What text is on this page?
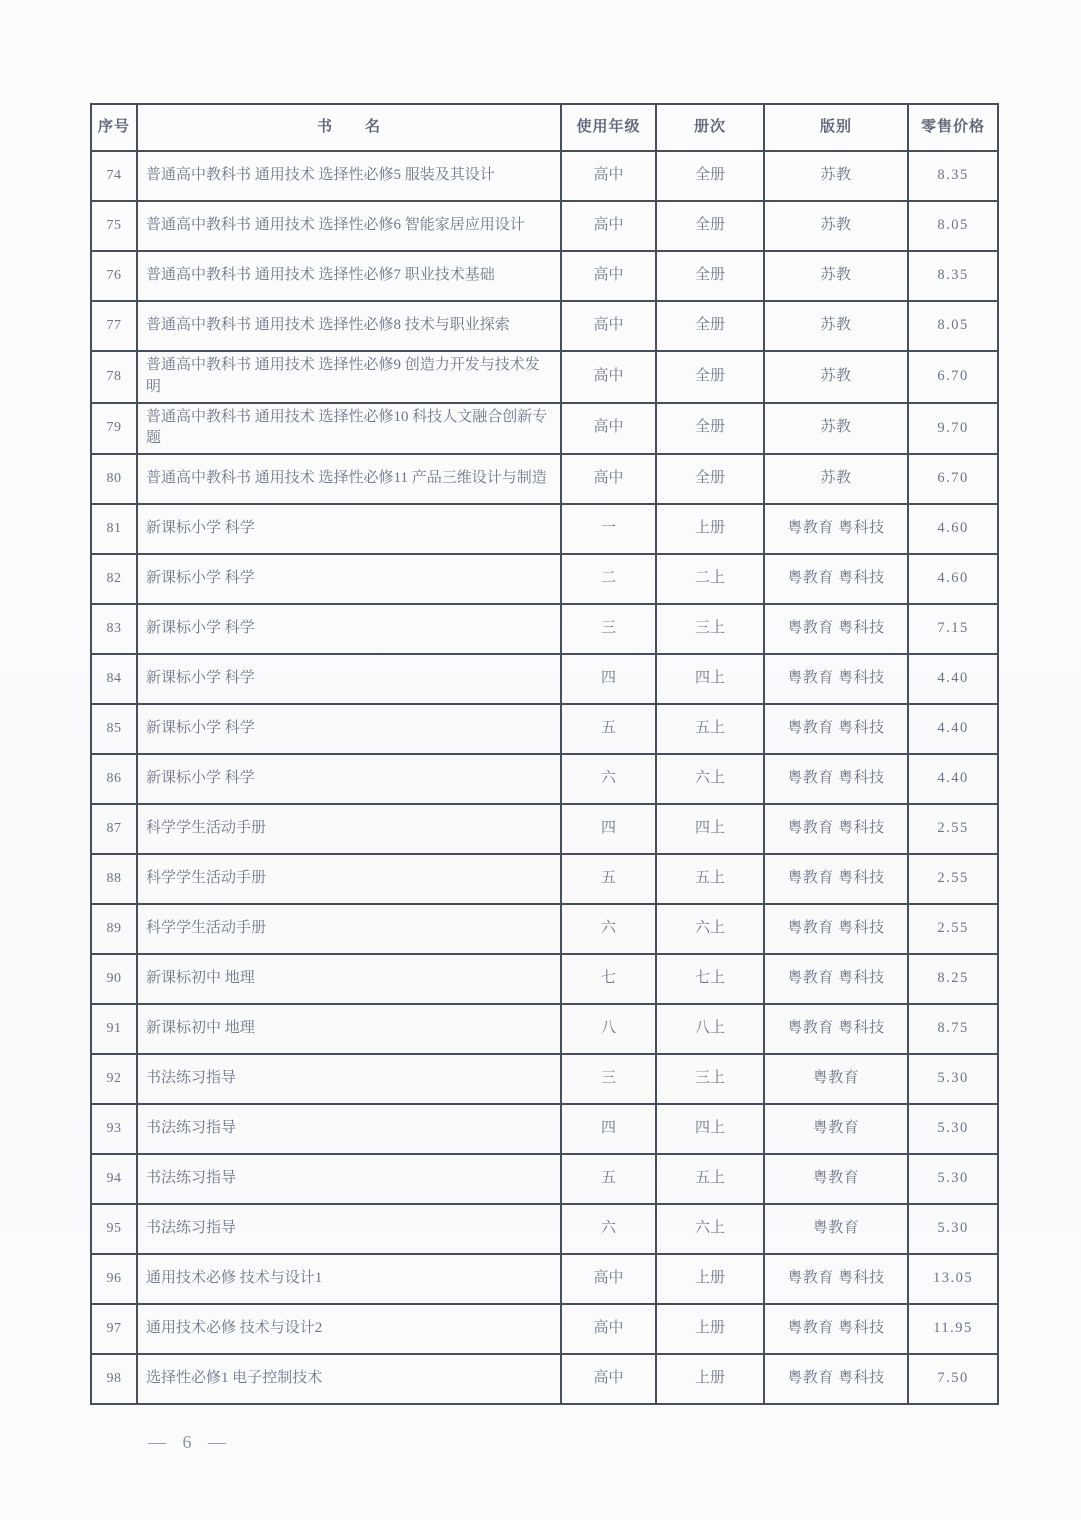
序号	书　　名	使用年级	册次	版别	零售价格
74	普通高中教科书 通用技术 选择性必修5 服装及其设计	高中	全册	苏教	8.35
75	普通高中教科书 通用技术 选择性必修6 智能家居应用设计	高中	全册	苏教	8.05
76	普通高中教科书 通用技术 选择性必修7 职业技术基础	高中	全册	苏教	8.35
77	普通高中教科书 通用技术 选择性必修8 技术与职业探索	高中	全册	苏教	8.05
78	普通高中教科书 通用技术 选择性必修9 创造力开发与技术发明	高中	全册	苏教	6.70
79	普通高中教科书 通用技术 选择性必修10 科技人文融合创新专题	高中	全册	苏教	9.70
80	普通高中教科书 通用技术 选择性必修11 产品三维设计与制造	高中	全册	苏教	6.70
81	新课标小学 科学	一	上册	粤教育 粤科技	4.60
82	新课标小学 科学	二	二上	粤教育 粤科技	4.60
83	新课标小学 科学	三	三上	粤教育 粤科技	7.15
84	新课标小学 科学	四	四上	粤教育 粤科技	4.40
85	新课标小学 科学	五	五上	粤教育 粤科技	4.40
86	新课标小学 科学	六	六上	粤教育 粤科技	4.40
87	科学学生活动手册	四	四上	粤教育 粤科技	2.55
88	科学学生活动手册	五	五上	粤教育 粤科技	2.55
89	科学学生活动手册	六	六上	粤教育 粤科技	2.55
90	新课标初中 地理	七	七上	粤教育 粤科技	8.25
91	新课标初中 地理	八	八上	粤教育 粤科技	8.75
92	书法练习指导	三	三上	粤教育	5.30
93	书法练习指导	四	四上	粤教育	5.30
94	书法练习指导	五	五上	粤教育	5.30
95	书法练习指导	六	六上	粤教育	5.30
96	通用技术必修 技术与设计1	高中	上册	粤教育 粤科技	13.05
97	通用技术必修 技术与设计2	高中	上册	粤教育 粤科技	11.95
98	选择性必修1 电子控制技术	高中	上册	粤教育 粤科技	7.50
— 6 —
